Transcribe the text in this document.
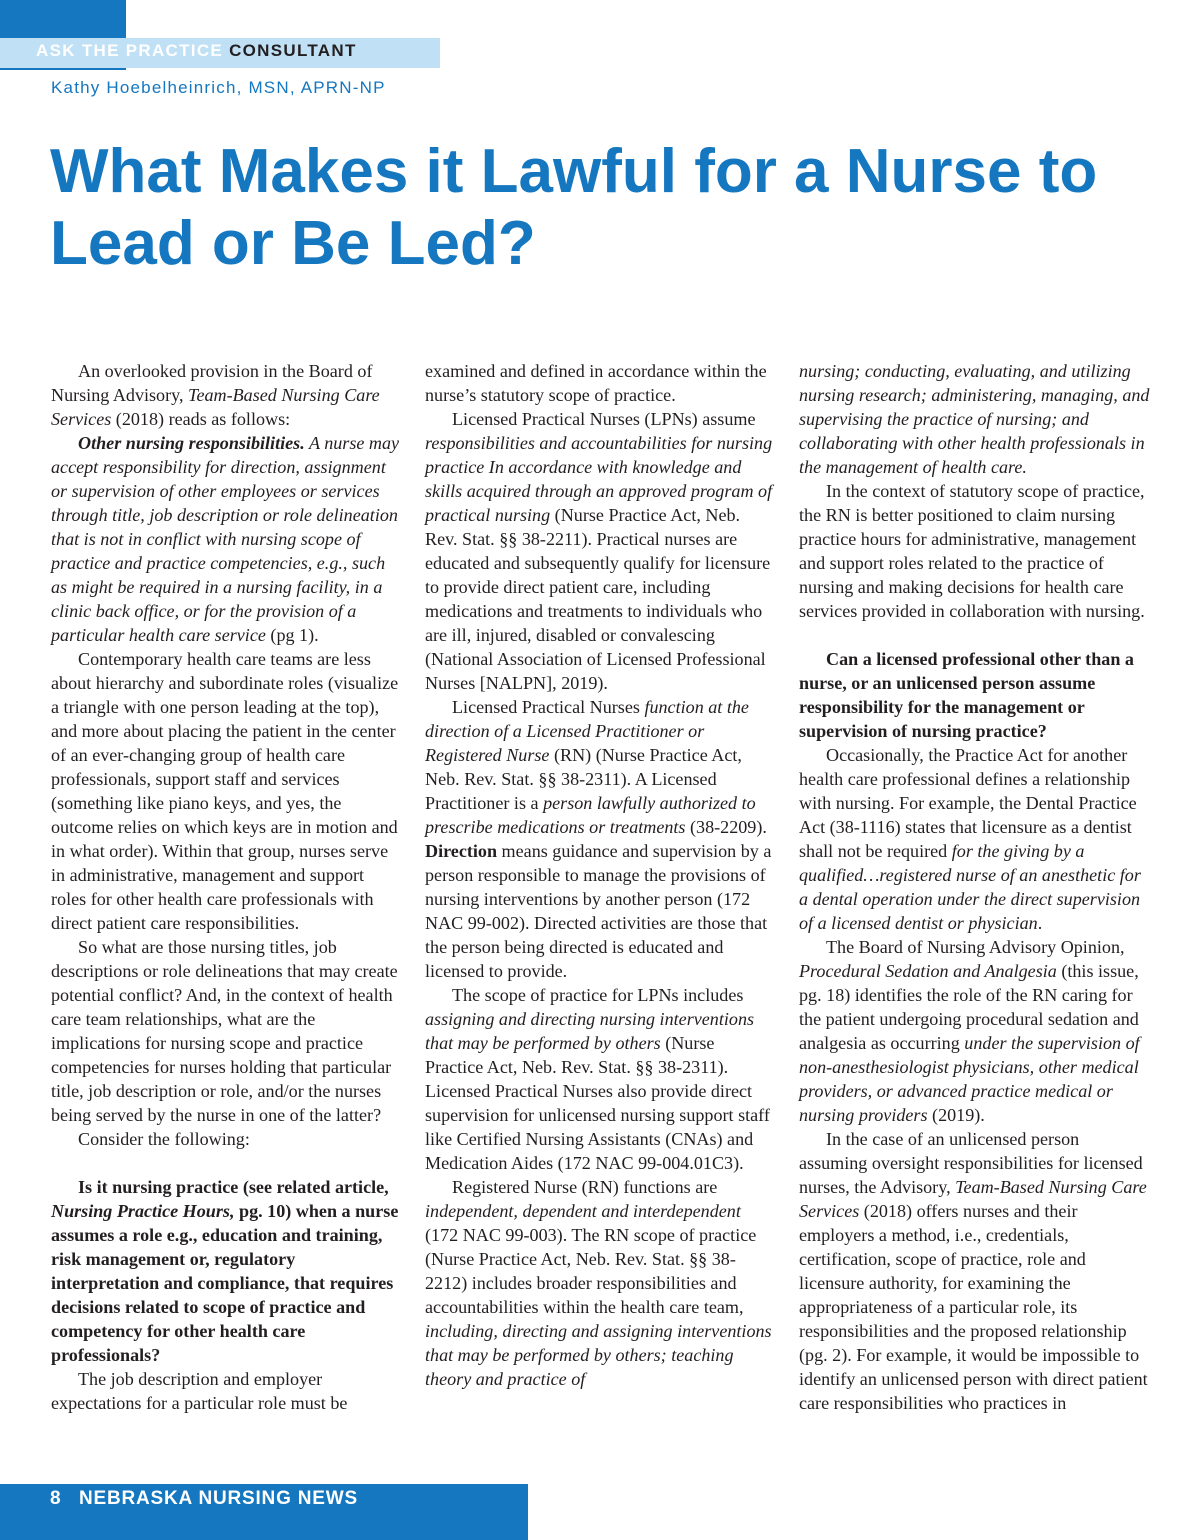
ASK THE PRACTICE CONSULTANT
Kathy Hoebelheinrich, MSN, APRN-NP
What Makes it Lawful for a Nurse to Lead or Be Led?

An overlooked provision in the Board of Nursing Advisory, Team-Based Nursing Care Services (2018) reads as follows:

Other nursing responsibilities. A nurse may accept responsibility for direction, assignment or supervision of other employees or services through title, job description or role delineation that is not in conflict with nursing scope of practice and practice competencies, e.g., such as might be required in a nursing facility, in a clinic back office, or for the provision of a particular health care service (pg 1).

Contemporary health care teams are less about hierarchy and subordinate roles (visualize a triangle with one person leading at the top), and more about placing the patient in the center of an ever-changing group of health care professionals, support staff and services (something like piano keys, and yes, the outcome relies on which keys are in motion and in what order). Within that group, nurses serve in administrative, management and support roles for other health care professionals with direct patient care responsibilities.

So what are those nursing titles, job descriptions or role delineations that may create potential conflict? And, in the context of health care team relationships, what are the implications for nursing scope and practice competencies for nurses holding that particular title, job description or role, and/or the nurses being served by the nurse in one of the latter?

Consider the following:

Is it nursing practice (see related article, Nursing Practice Hours, pg. 10) when a nurse assumes a role e.g., education and training, risk management or, regulatory interpretation and compliance, that requires decisions related to scope of practice and competency for other health care professionals?

The job description and employer expectations for a particular role must be

examined and defined in accordance within the nurse’s statutory scope of practice.

Licensed Practical Nurses (LPNs) assume responsibilities and accountabilities for nursing practice In accordance with knowledge and skills acquired through an approved program of practical nursing (Nurse Practice Act, Neb. Rev. Stat. §§ 38-2211). Practical nurses are educated and subsequently qualify for licensure to provide direct patient care, including medications and treatments to individuals who are ill, injured, disabled or convalescing (National Association of Licensed Professional Nurses [NALPN], 2019).

Licensed Practical Nurses function at the direction of a Licensed Practitioner or Registered Nurse (RN) (Nurse Practice Act, Neb. Rev. Stat. §§ 38-2311). A Licensed Practitioner is a person lawfully authorized to prescribe medications or treatments (38-2209).

Direction means guidance and supervision by a person responsible to manage the provisions of nursing interventions by another person (172 NAC 99-002). Directed activities are those that the person being directed is educated and licensed to provide.

The scope of practice for LPNs includes assigning and directing nursing interventions that may be performed by others (Nurse Practice Act, Neb. Rev. Stat. §§ 38-2311). Licensed Practical Nurses also provide direct supervision for unlicensed nursing support staff like Certified Nursing Assistants (CNAs) and Medication Aides (172 NAC 99-004.01C3).

Registered Nurse (RN) functions are independent, dependent and interdependent (172 NAC 99-003). The RN scope of practice (Nurse Practice Act, Neb. Rev. Stat. §§ 38-2212) includes broader responsibilities and accountabilities within the health care team, including, directing and assigning interventions that may be performed by others; teaching theory and practice of

nursing; conducting, evaluating, and utilizing nursing research; administering, managing, and supervising the practice of nursing; and collaborating with other health professionals in the management of health care.

In the context of statutory scope of practice, the RN is better positioned to claim nursing practice hours for administrative, management and support roles related to the practice of nursing and making decisions for health care services provided in collaboration with nursing.

Can a licensed professional other than a nurse, or an unlicensed person assume responsibility for the management or supervision of nursing practice?

Occasionally, the Practice Act for another health care professional defines a relationship with nursing. For example, the Dental Practice Act (38-1116) states that licensure as a dentist shall not be required for the giving by a qualified…registered nurse of an anesthetic for a dental operation under the direct supervision of a licensed dentist or physician.

The Board of Nursing Advisory Opinion, Procedural Sedation and Analgesia (this issue, pg. 18) identifies the role of the RN caring for the patient undergoing procedural sedation and analgesia as occurring under the supervision of non-anesthesiologist physicians, other medical providers, or advanced practice medical or nursing providers (2019).

In the case of an unlicensed person assuming oversight responsibilities for licensed nurses, the Advisory, Team-Based Nursing Care Services (2018) offers nurses and their employers a method, i.e., credentials, certification, scope of practice, role and licensure authority, for examining the appropriateness of a particular role, its responsibilities and the proposed relationship (pg. 2). For example, it would be impossible to identify an unlicensed person with direct patient care responsibilities who practices in

8 NEBRASKA NURSING NEWS
